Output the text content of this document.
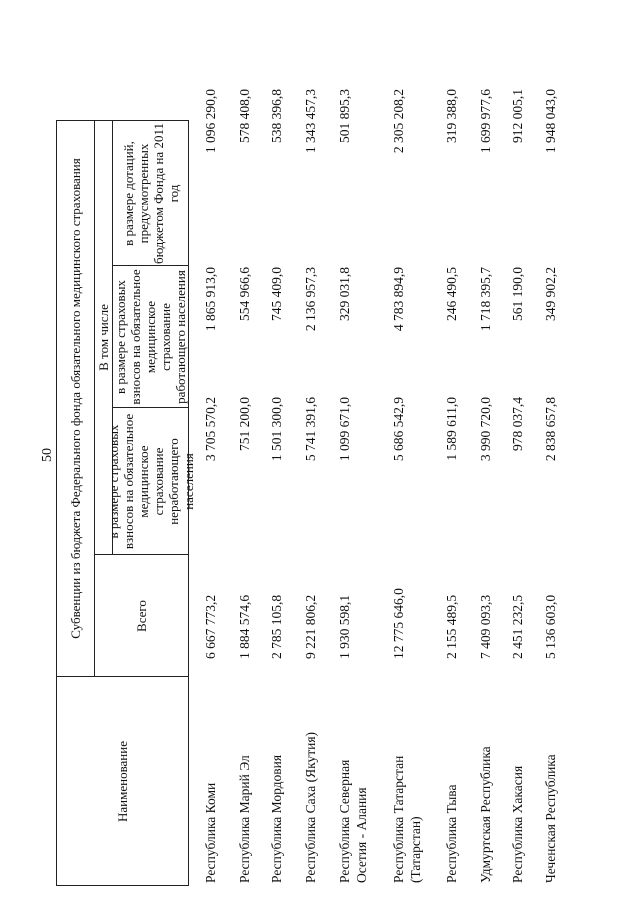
50
Наименование
Субвенции из бюджета Федерального фонда обязательного медицинского страхования	Всего
В том числе
в размере страховых взносов на обязательное медицинское страхование неработающего населения
в размере страховых взносов на обязательное медицинское страхование работающего населения
в размере дотаций, предусмотренных бюджетом Фонда на 2011 год
Республика Коми
6 667 773,2
3 705 570,2
1 865 913,0
1 096 290,0
Республика Марий Эл
1 884 574,6
751 200,0
554 966,6
578 408,0
Республика Мордовия
2 785 105,8
1 501 300,0
745 409,0
538 396,8
Республика Саха (Якутия)
9 221 806,2
5 741 391,6
2 136 957,3
1 343 457,3
Республика Северная Осетия - Алания
1 930 598,1
1 099 671,0
329 031,8
501 895,3
Республика Татарстан (Татарстан)
12 775 646,0
5 686 542,9
4 783 894,9
2 305 208,2
Республика Тыва
2 155 489,5
1 589 611,0
246 490,5
319 388,0
Удмуртская Республика
7 409 093,3
3 990 720,0
1 718 395,7
1 699 977,6
Республика Хакасия
2 451 232,5
978 037,4
561 190,0
912 005,1
Чеченская Республика
5 136 603,0
2 838 657,8
349 902,2
1 948 043,0
